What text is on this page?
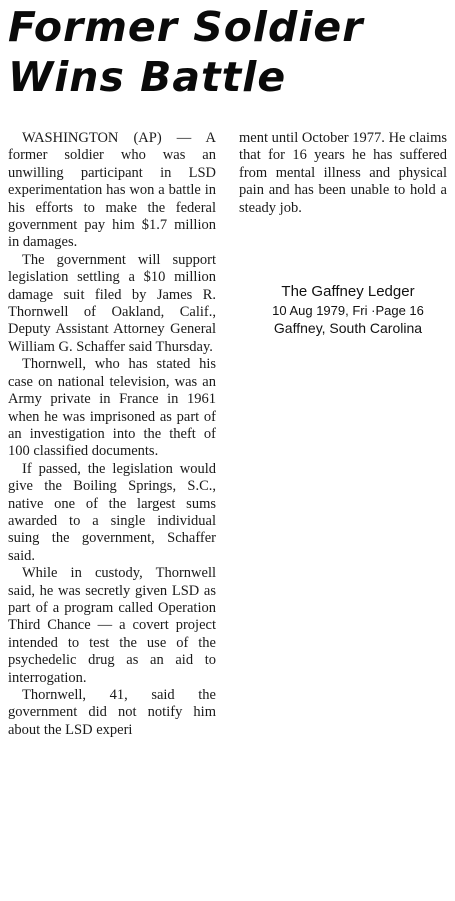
Former Soldier
Wins Battle

WASHINGTON (AP) — A former soldier who was an unwilling participant in LSD experimentation has won a battle in his efforts to make the federal government pay him $1.7 million in damages.

The government will support legislation settling a $10 million damage suit filed by James R. Thornwell of Oakland, Calif., Deputy Assistant Attorney General William G. Schaffer said Thursday.

Thornwell, who has stated his case on national television, was an Army private in France in 1961 when he was imprisoned as part of an investigation into the theft of 100 classified documents.

If passed, the legislation would give the Boiling Springs, S.C., native one of the largest sums awarded to a single individual suing the government, Schaffer said.

While in custody, Thornwell said, he was secretly given LSD as part of a program called Operation Third Chance — a covert project intended to test the use of the psychedelic drug as an aid to interrogation.

Thornwell, 41, said the government did not notify him about the LSD experi

ment until October 1977. He claims that for 16 years he has suffered from mental illness and physical pain and has been unable to hold a steady job.

The Gaffney Ledger
10 Aug 1979, Fri ·Page 16
Gaffney, South Carolina
